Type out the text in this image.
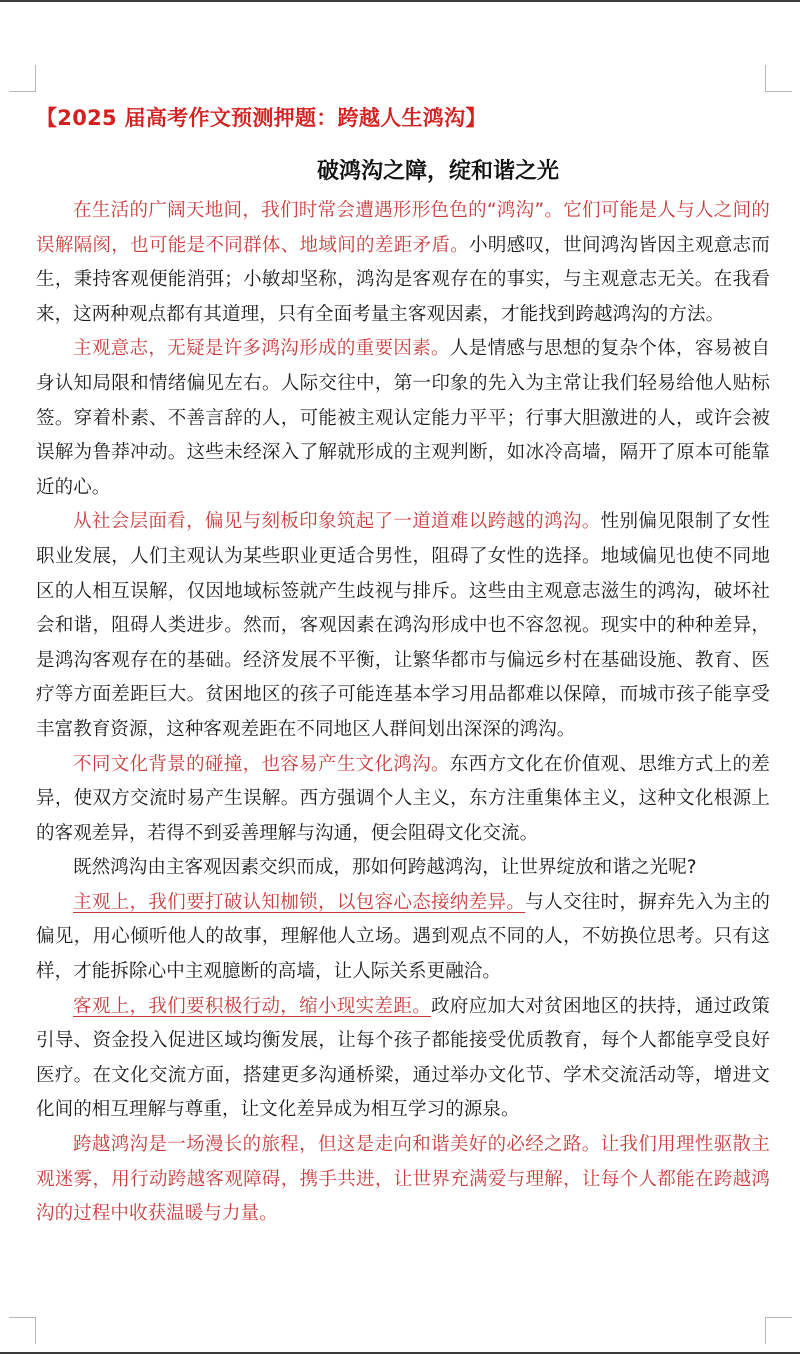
【2025 届高考作文预测押题：跨越人生鸿沟】
破鸿沟之障，绽和谐之光

在生活的广阔天地间，我们时常会遭遇形形色色的“鸿沟”。它们可能是人与人之间的误解隔阂，也可能是不同群体、地域间的差距矛盾。小明感叹，世间鸿沟皆因主观意志而生，秉持客观便能消弭；小敏却坚称，鸿沟是客观存在的事实，与主观意志无关。在我看来，这两种观点都有其道理，只有全面考量主客观因素，才能找到跨越鸿沟的方法。

主观意志，无疑是许多鸿沟形成的重要因素。人是情感与思想的复杂个体，容易被自身认知局限和情绪偏见左右。人际交往中，第一印象的先入为主常让我们轻易给他人贴标签。穿着朴素、不善言辞的人，可能被主观认定能力平平；行事大胆激进的人，或许会被误解为鲁莽冲动。这些未经深入了解就形成的主观判断，如冰冷高墙，隔开了原本可能靠近的心。

从社会层面看，偏见与刻板印象筑起了一道道难以跨越的鸿沟。性别偏见限制了女性职业发展，人们主观认为某些职业更适合男性，阻碍了女性的选择。地域偏见也使不同地区的人相互误解，仅因地域标签就产生歧视与排斥。这些由主观意志滋生的鸿沟，破坏社会和谐，阻碍人类进步。然而，客观因素在鸿沟形成中也不容忽视。现实中的种种差异，是鸿沟客观存在的基础。经济发展不平衡，让繁华都市与偏远乡村在基础设施、教育、医疗等方面差距巨大。贫困地区的孩子可能连基本学习用品都难以保障，而城市孩子能享受丰富教育资源，这种客观差距在不同地区人群间划出深深的鸿沟。

不同文化背景的碰撞，也容易产生文化鸿沟。东西方文化在价值观、思维方式上的差异，使双方交流时易产生误解。西方强调个人主义，东方注重集体主义，这种文化根源上的客观差异，若得不到妥善理解与沟通，便会阻碍文化交流。

既然鸿沟由主客观因素交织而成，那如何跨越鸿沟，让世界绽放和谐之光呢?

主观上，我们要打破认知枷锁，以包容心态接纳差异。与人交往时，摒弃先入为主的偏见，用心倾听他人的故事，理解他人立场。遇到观点不同的人，不妨换位思考。只有这样，才能拆除心中主观臆断的高墙，让人际关系更融洽。

客观上，我们要积极行动，缩小现实差距。政府应加大对贫困地区的扶持，通过政策引导、资金投入促进区域均衡发展，让每个孩子都能接受优质教育，每个人都能享受良好医疗。在文化交流方面，搭建更多沟通桥梁，通过举办文化节、学术交流活动等，增进文化间的相互理解与尊重，让文化差异成为相互学习的源泉。

跨越鸿沟是一场漫长的旅程，但这是走向和谐美好的必经之路。让我们用理性驱散主观迷雾，用行动跨越客观障碍，携手共进，让世界充满爱与理解，让每个人都能在跨越鸿沟的过程中收获温暖与力量。
